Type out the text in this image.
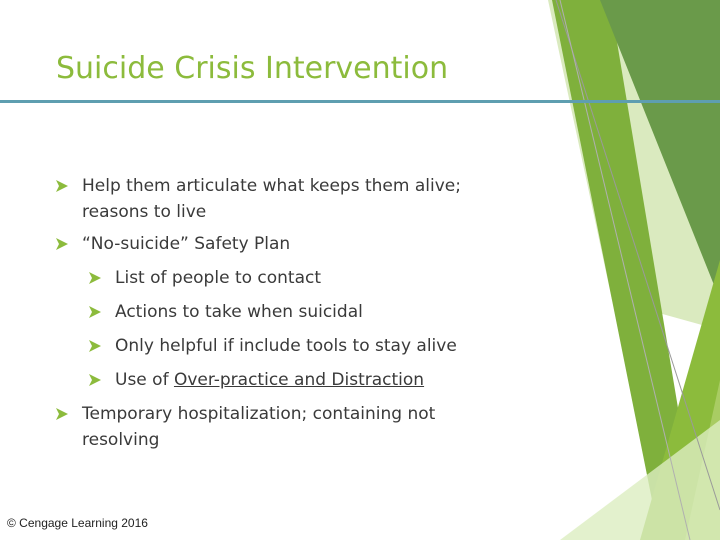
Suicide Crisis Intervention
Help them articulate what keeps them alive;
reasons to live
“No-suicide” Safety Plan
List of people to contact
Actions to take when suicidal
Only helpful if include tools to stay alive
Use of Over-practice and Distraction
Temporary hospitalization; containing not
resolving
© Cengage Learning 2016
